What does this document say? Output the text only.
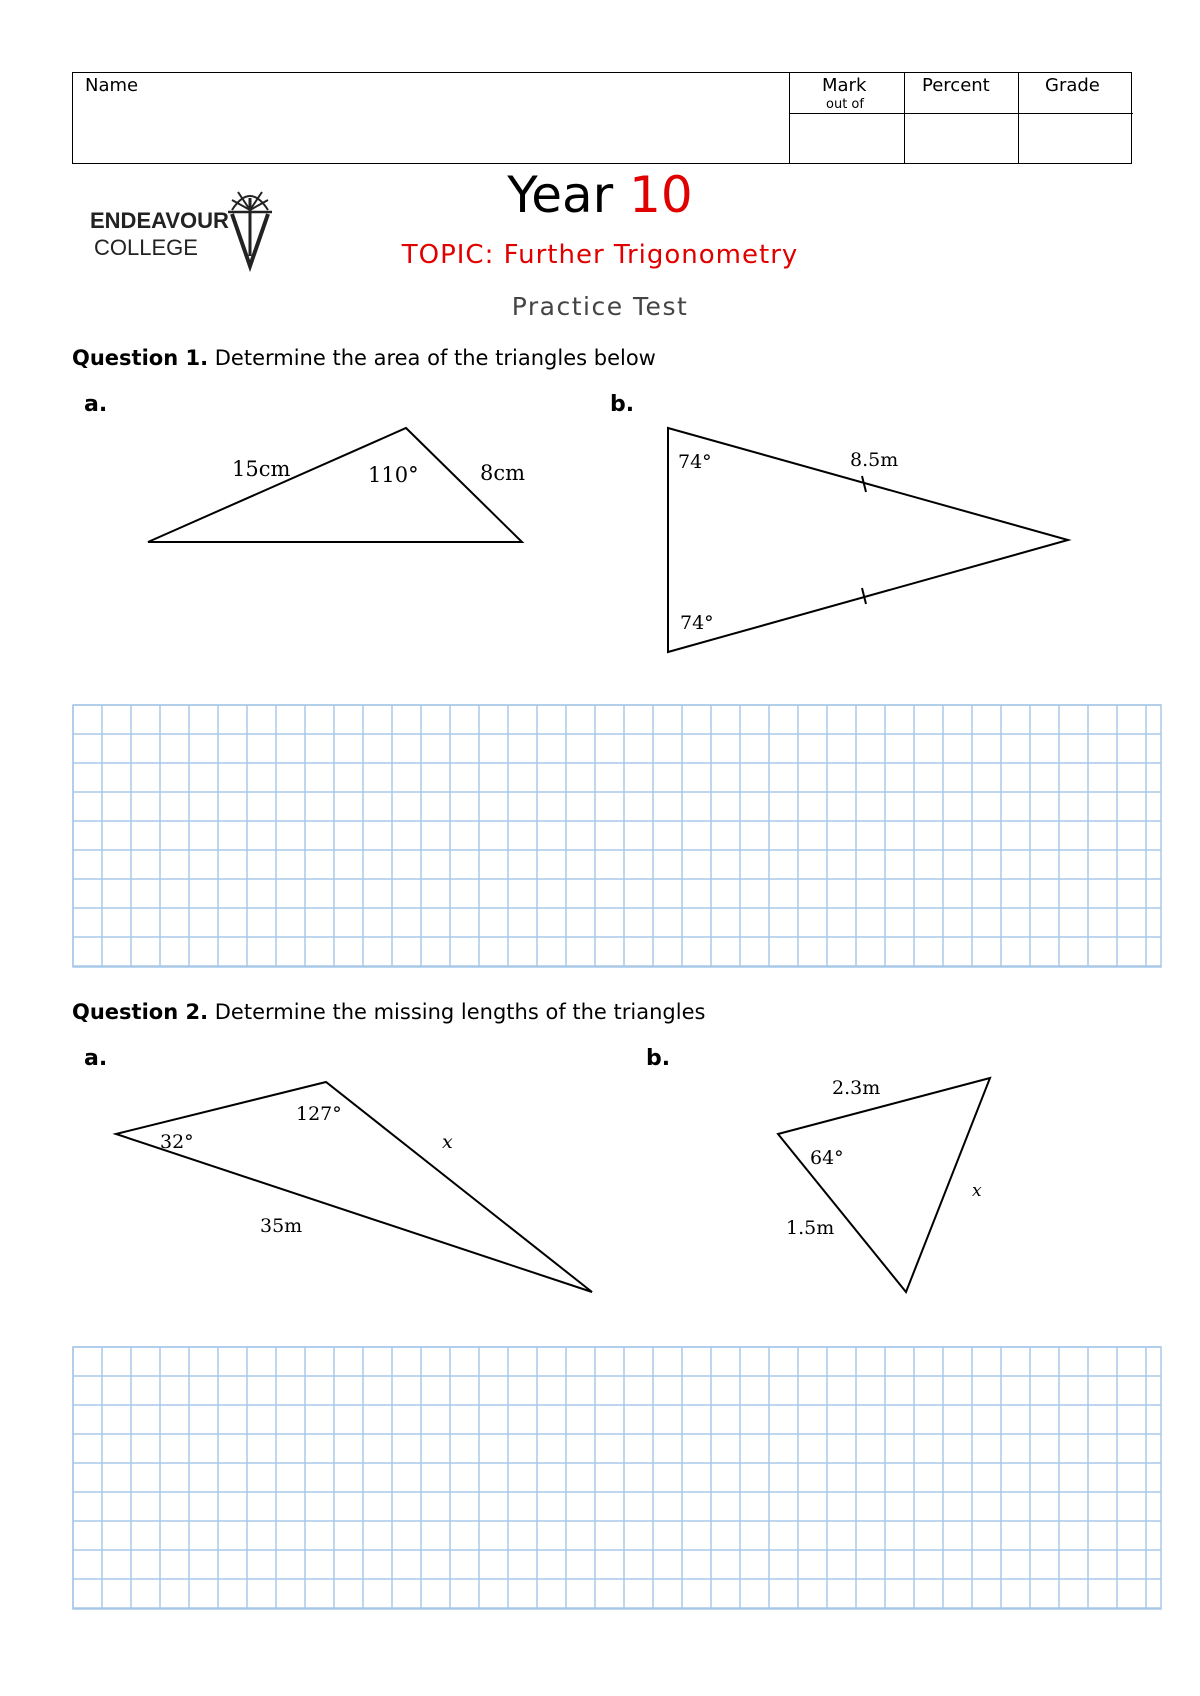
Name	Mark
out of
Percent	Grade
ENDEAVOUR
COLLEGE
Year 10
TOPIC: Further Trigonometry
Practice Test
Question 1. Determine the area of the triangles below
a.	b.
15cm	110°	8cm	74°
74°
8.5m
Question 2. Determine the missing lengths of the triangles
a.	b.
32°
127°
x
35m
2.3m
64°
x
1.5m
